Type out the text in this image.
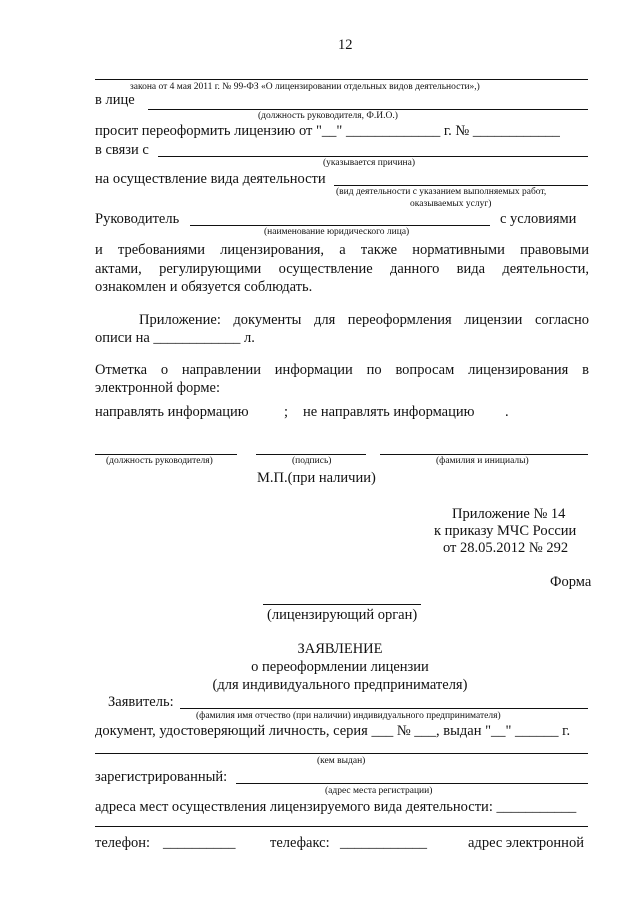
12
закона от 4 мая 2011 г. № 99-ФЗ «О лицензировании отдельных видов деятельности»,)
в лице
(должность руководителя, Ф.И.О.)
просит переоформить лицензию от "__" _____________ г. № ____________
в связи с
(указывается причина)
на осуществление вида деятельности
(вид деятельности с указанием выполняемых работ,
оказываемых услуг)
Руководитель	с условиями
(наименование юридического лица)
и требованиями лицензирования, а также нормативными правовыми
актами, регулирующими осуществление данного вида деятельности,
ознакомлен и обязуется соблюдать.
Приложение: документы для переоформления лицензии согласно
описи на ____________ л.
Отметка о направлении информации по вопросам лицензирования в
электронной форме:
направлять информацию ; не направлять информацию .
(должность руководителя)	(подпись)	(фамилия и инициалы)
М.П.(при наличии)
Приложение № 14
к приказу МЧС России
от 28.05.2012 № 292
Форма
(лицензирующий орган)
ЗАЯВЛЕНИЕ
о переоформлении лицензии
(для индивидуального предпринимателя)
Заявитель:
(фамилия имя отчество (при наличии) индивидуального предпринимателя)
документ, удостоверяющий личность, серия ___ № ___, выдан "__" ______ г.
(кем выдан)
зарегистрированный:
(адрес места регистрации)
адреса мест осуществления лицензируемого вида деятельности: ___________
телефон: __________ телефакс: ____________	адрес электронной
